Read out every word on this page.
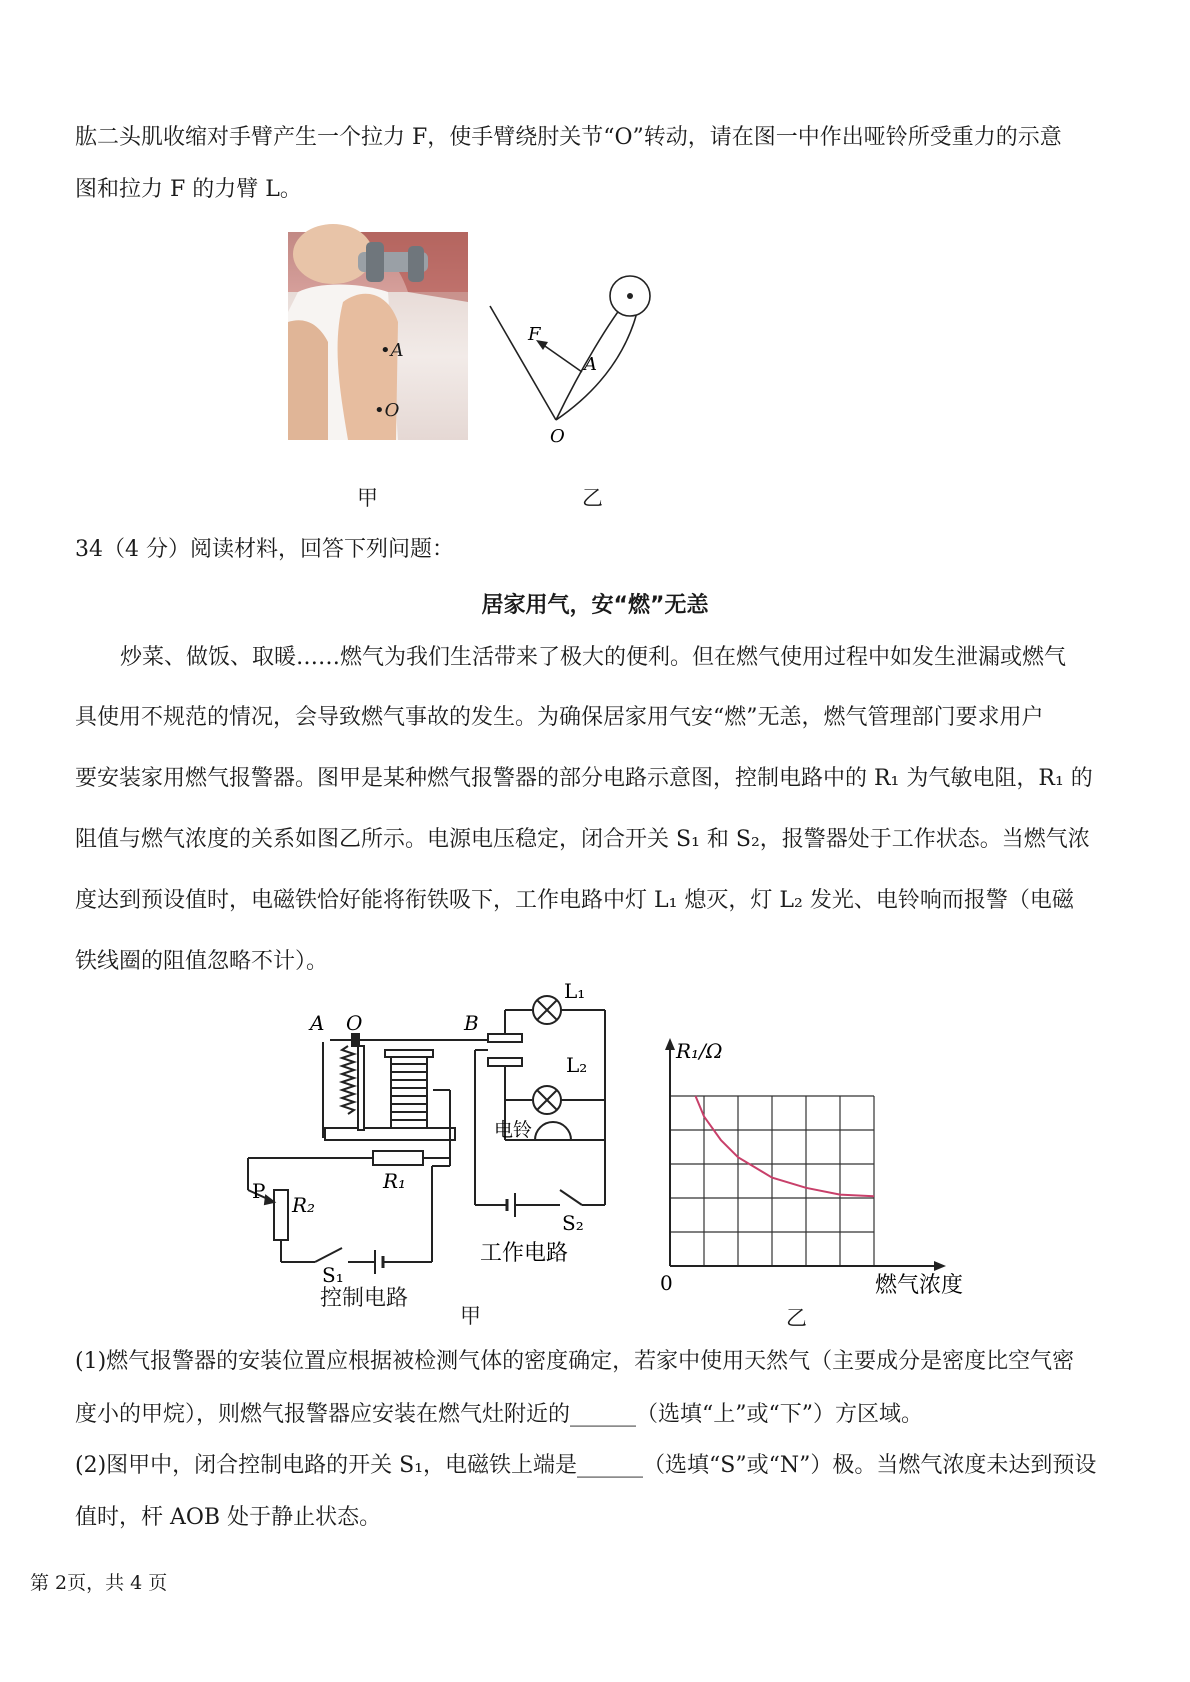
肱二头肌收缩对手臂产生一个拉力 F，使手臂绕肘关节“O”转动，请在图一中作出哑铃所受重力的示意
图和拉力 F 的力臂 L。
•A
•O
F
A
O
甲	乙
34（4 分）阅读材料，回答下列问题：
居家用气，安“燃”无恙
炒菜、做饭、取暖……燃气为我们生活带来了极大的便利。但在燃气使用过程中如发生泄漏或燃气
具使用不规范的情况，会导致燃气事故的发生。为确保居家用气安“燃”无恙，燃气管理部门要求用户
要安装家用燃气报警器。图甲是某种燃气报警器的部分电路示意图，控制电路中的 R₁ 为气敏电阻，R₁ 的
阻值与燃气浓度的关系如图乙所示。电源电压稳定，闭合开关 S₁ 和 S₂，报警器处于工作状态。当燃气浓
度达到预设值时，电磁铁恰好能将衔铁吸下，工作电路中灯 L₁ 熄灭，灯 L₂ 发光、电铃响而报警（电磁
铁线圈的阻值忽略不计）。
A O	B
L₁
L₂
电铃
P
R₂
R₁
S₁
S₂
工作电路
控制电路
R₁/Ω
0	燃气浓度
甲	乙
(1)燃气报警器的安装位置应根据被检测气体的密度确定，若家中使用天然气（主要成分是密度比空气密
度小的甲烷），则燃气报警器应安装在燃气灶附近的______（选填“上”或“下”）方区域。
(2)图甲中，闭合控制电路的开关 S₁，电磁铁上端是______（选填“S”或“N”）极。当燃气浓度未达到预设
值时，杆 AOB 处于静止状态。
第 2页，共 4 页
